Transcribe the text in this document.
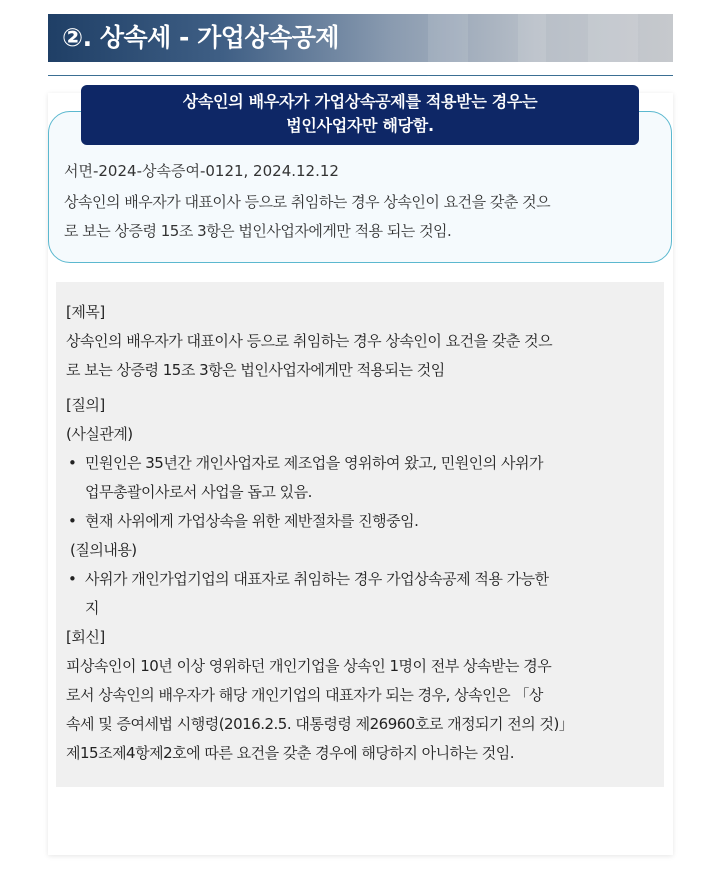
②. 상속세 - 가업상속공제
상속인의 배우자가 가업상속공제를 적용받는 경우는
법인사업자만 해당함.
서면-2024-상속증여-0121, 2024.12.12
상속인의 배우자가 대표이사 등으로 취임하는 경우 상속인이 요건을 갖춘 것으
로 보는 상증령 15조 3항은 법인사업자에게만 적용 되는 것임.
[제목]
상속인의 배우자가 대표이사 등으로 취임하는 경우 상속인이 요건을 갖춘 것으
로 보는 상증령 15조 3항은 법인사업자에게만 적용되는 것임
[질의]
(사실관계)
• 민원인은 35년간 개인사업자로 제조업을 영위하여 왔고, 민원인의 사위가
업무총괄이사로서 사업을 돕고 있음.
• 현재 사위에게 가업상속을 위한 제반절차를 진행중임.
(질의내용)
• 사위가 개인가업기업의 대표자로 취임하는 경우 가업상속공제 적용 가능한
지
[회신]
피상속인이 10년 이상 영위하던 개인기업을 상속인 1명이 전부 상속받는 경우
로서 상속인의 배우자가 해당 개인기업의 대표자가 되는 경우, 상속인은 「상
속세 및 증여세법 시행령(2016.2.5. 대통령령 제26960호로 개정되기 전의 것)」
제15조제4항제2호에 따른 요건을 갖춘 경우에 해당하지 아니하는 것임.
